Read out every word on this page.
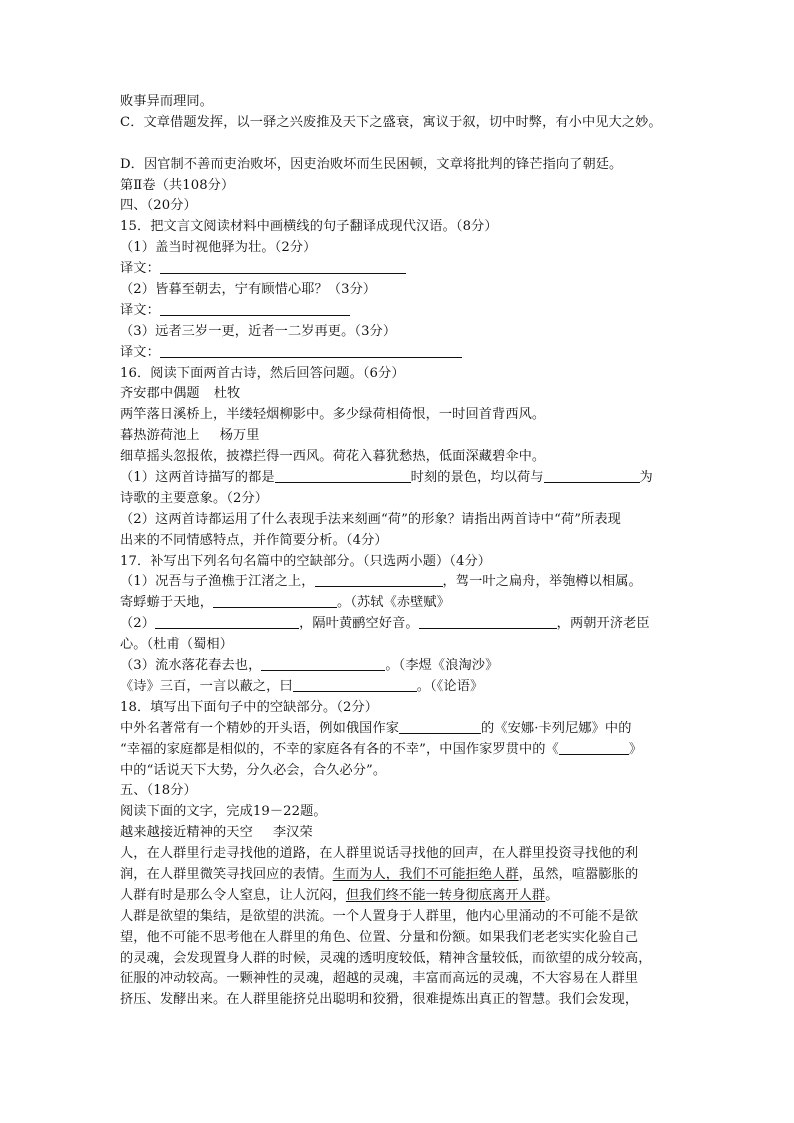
败事异而理同。
C．文章借题发挥，以一驿之兴废推及天下之盛衰，寓议于叙，切中时弊，有小中见大之妙。
D．因官制不善而吏治败坏，因吏治败坏而生民困顿，文章将批判的锋芒指向了朝廷。
第Ⅱ卷（共108分）
四、（20分）
15．把文言文阅读材料中画横线的句子翻译成现代汉语。（8分）
（1）盖当时视他驿为壮。（2分）
译文：
（2）皆暮至朝去，宁有顾惜心耶？（3分）
译文：
（3）远者三岁一更，近者一二岁再更。（3分）
译文：
16．阅读下面两首古诗，然后回答问题。（6分）
齐安郡中偶题 杜牧
两竿落日溪桥上，半缕轻烟柳影中。多少绿荷相倚恨，一时回首背西风。
暮热游荷池上 杨万里
细草摇头忽报侬，披襟拦得一西风。荷花入暮犹愁热，低面深藏碧伞中。
（1）这两首诗描写的都是	时刻的景色，均以荷与	为
诗歌的主要意象。（2分）
（2）这两首诗都运用了什么表现手法来刻画“荷”的形象？请指出两首诗中“荷”所表现
出来的不同情感特点，并作简要分析。（4分）
17．补写出下列名句名篇中的空缺部分。（只选两小题）（4分）
（1）况吾与子渔樵于江渚之上，	，驾一叶之扁舟，举匏樽以相属。
寄蜉蝣于天地，	。（苏轼《赤壁赋》
（2）	，隔叶黄鹂空好音。	，两朝开济老臣
心。（杜甫（蜀相）
（3）流水落花春去也，	。（李煜《浪淘沙》
《诗》三百，一言以蔽之，曰	。（《论语》
18．填写出下面句子中的空缺部分。（2分）
中外名著常有一个精妙的开头语，例如俄国作家	的《安娜·卡列尼娜》中的
“幸福的家庭都是相似的，不幸的家庭各有各的不幸”，中国作家罗贯中的《	》
中的“话说天下大势，分久必会，合久必分”。
五、（18分）
阅读下面的文字，完成19－22题。
越来越接近精神的天空 李汉荣
人，在人群里行走寻找他的道路，在人群里说话寻找他的回声，在人群里投资寻找他的利
润，在人群里微笑寻找回应的表情。生而为人，我们不可能拒绝人群，虽然，喧嚣膨胀的
人群有时是那么令人窒息，让人沉闷，但我们终不能一转身彻底离开人群。
人群是欲望的集结，是欲望的洪流。一个人置身于人群里，他内心里涌动的不可能不是欲
望，他不可能不思考他在人群里的角色、位置、分量和份额。如果我们老老实实化验自己
的灵魂，会发现置身人群的时候，灵魂的透明度较低，精神含量较低，而欲望的成分较高，
征服的冲动较高。一颗神性的灵魂，超越的灵魂，丰富而高远的灵魂，不大容易在人群里
挤压、发酵出来。在人群里能挤兑出聪明和狡猾，很难提炼出真正的智慧。我们会发现，
